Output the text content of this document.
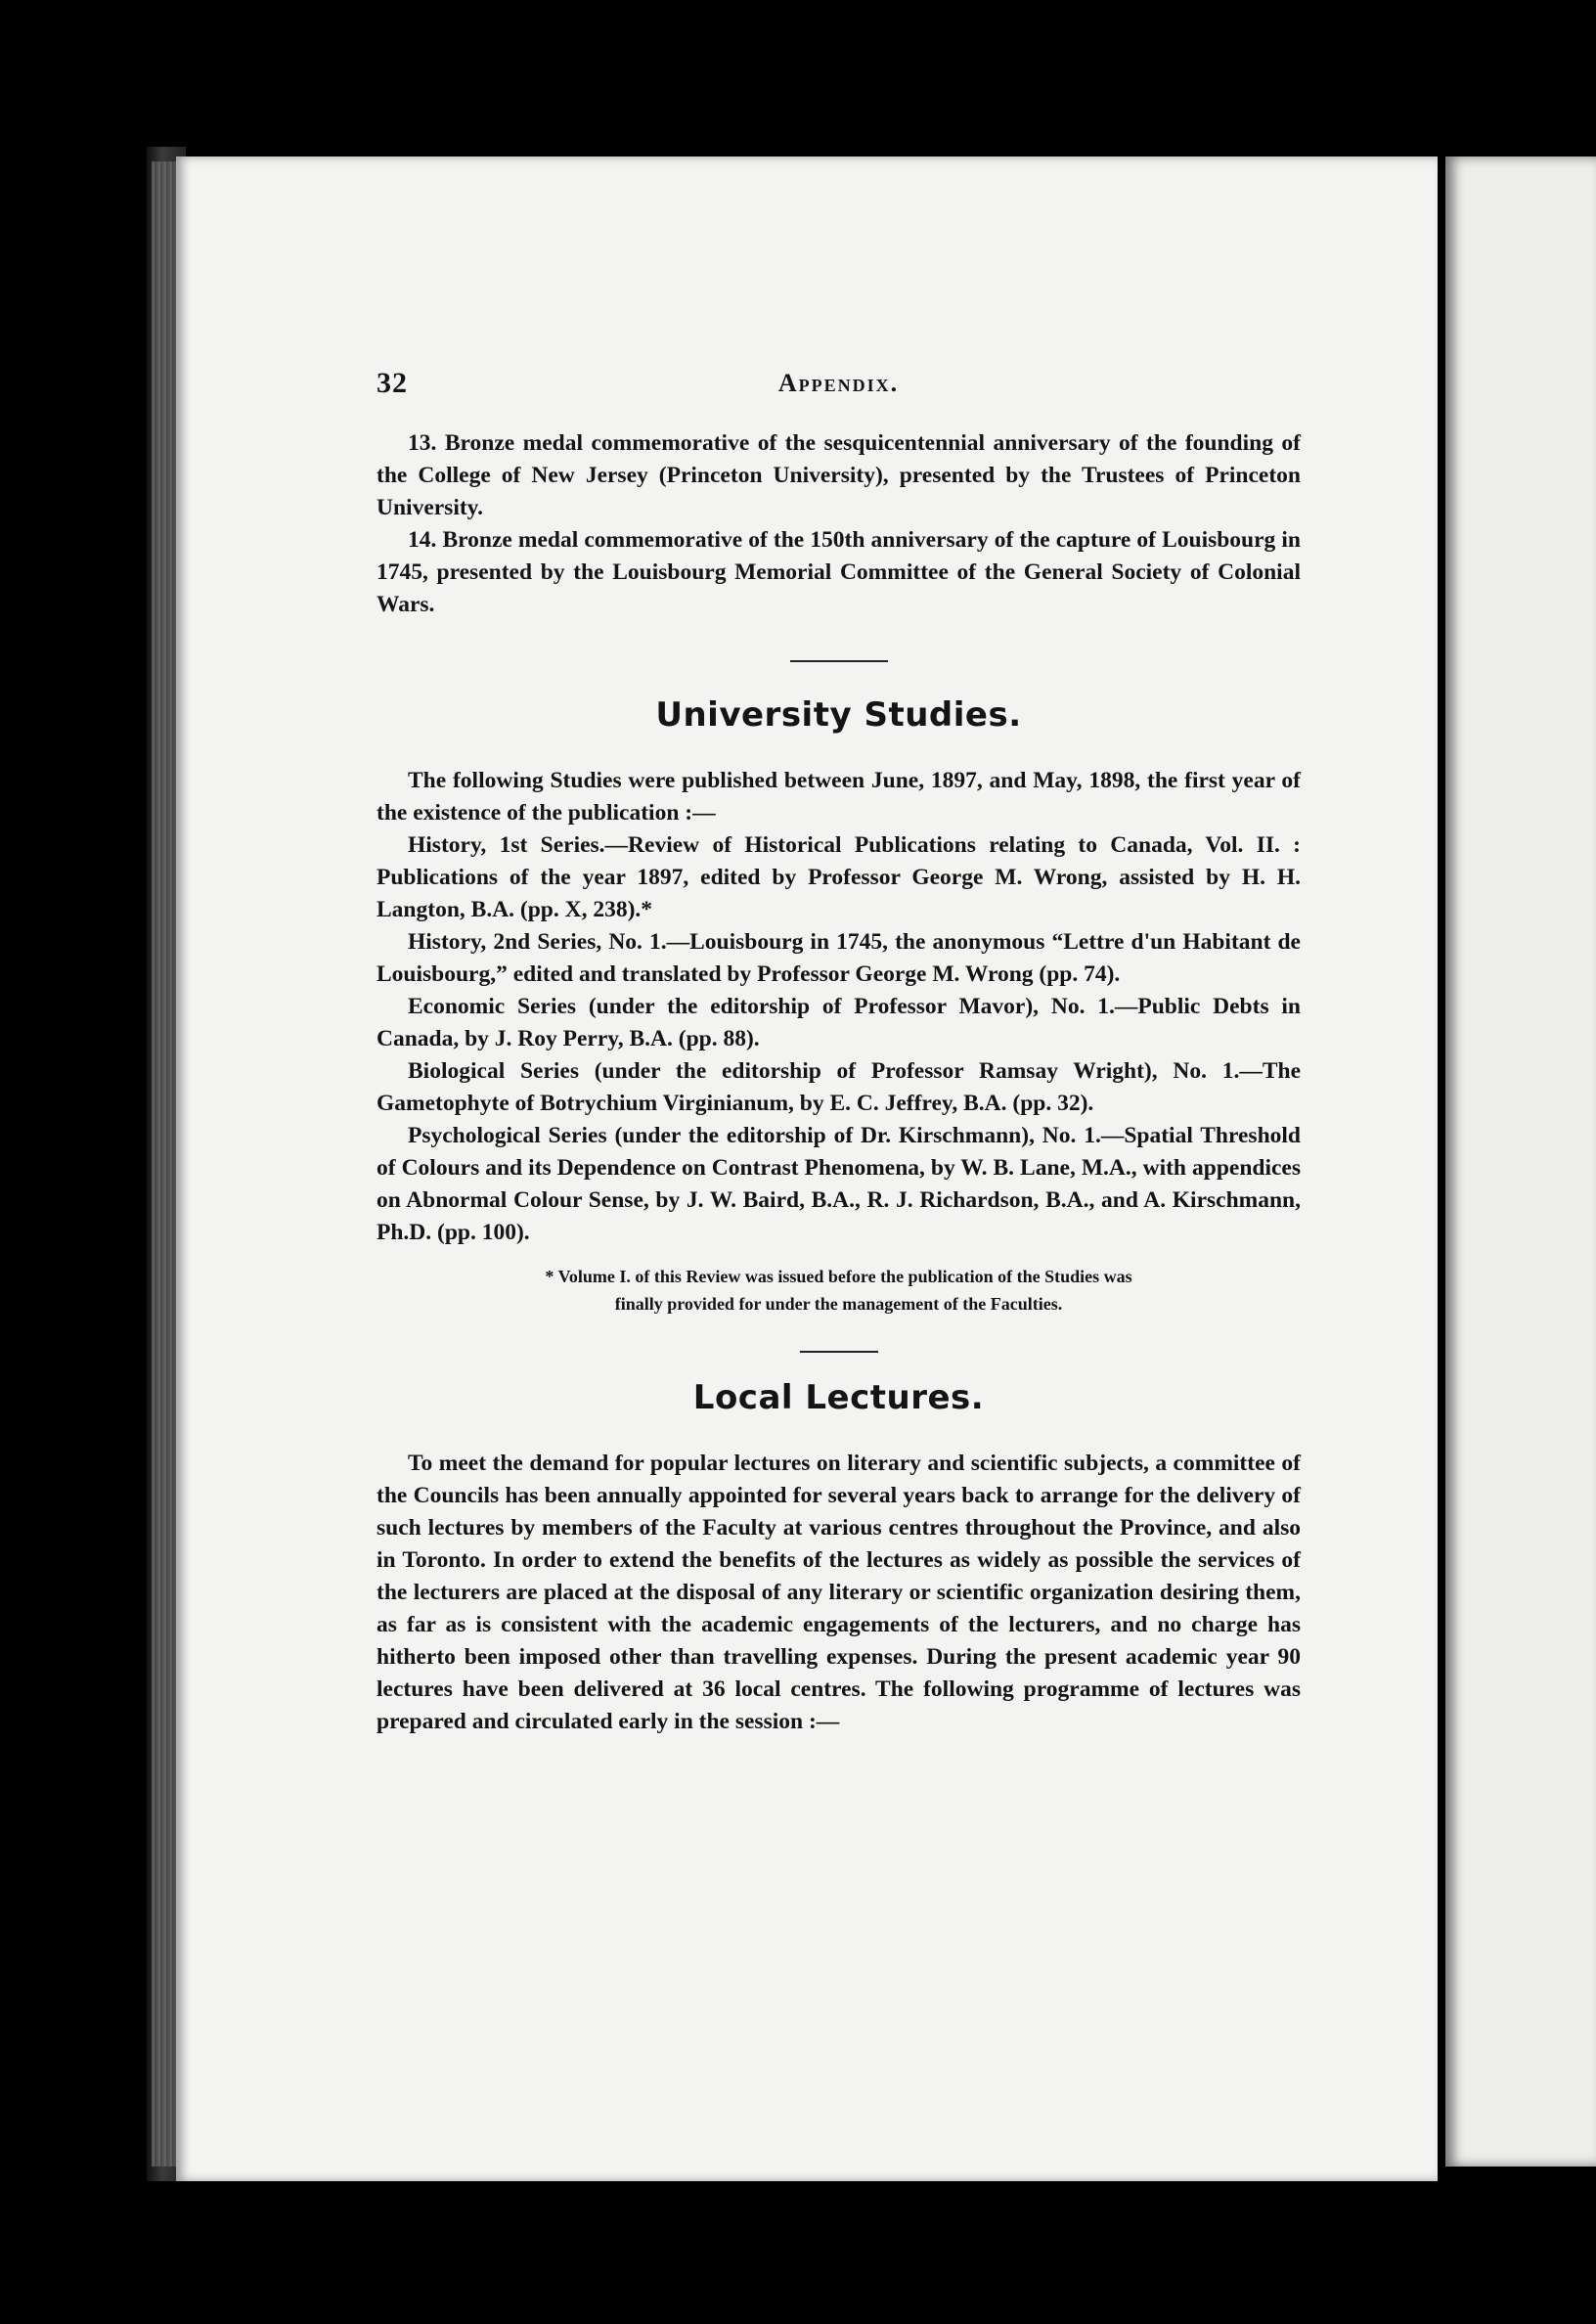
32	Appendix.

13. Bronze medal commemorative of the sesquicentennial anniversary of the founding of the College of New Jersey (Princeton University), presented by the Trustees of Princeton University.

14. Bronze medal commemorative of the 150th anniversary of the capture of Louisbourg in 1745, presented by the Louisbourg Memorial Committee of the General Society of Colonial Wars.

University Studies.

The following Studies were published between June, 1897, and May, 1898, the first year of the existence of the publication :—

History, 1st Series.—Review of Historical Publications relating to Canada, Vol. II. : Publications of the year 1897, edited by Professor George M. Wrong, assisted by H. H. Langton, B.A. (pp. X, 238).*

History, 2nd Series, No. 1.—Louisbourg in 1745, the anonymous “Lettre d'un Habitant de Louisbourg,” edited and translated by Professor George M. Wrong (pp. 74).

Economic Series (under the editorship of Professor Mavor), No. 1.—Public Debts in Canada, by J. Roy Perry, B.A. (pp. 88).

Biological Series (under the editorship of Professor Ramsay Wright), No. 1.—The Gametophyte of Botrychium Virginianum, by E. C. Jeffrey, B.A. (pp. 32).

Psychological Series (under the editorship of Dr. Kirschmann), No. 1.—Spatial Threshold of Colours and its Dependence on Contrast Phenomena, by W. B. Lane, M.A., with appendices on Abnormal Colour Sense, by J. W. Baird, B.A., R. J. Richardson, B.A., and A. Kirschmann, Ph.D. (pp. 100).

* Volume I. of this Review was issued before the publication of the Studies was
finally provided for under the management of the Faculties.
Local Lectures.

To meet the demand for popular lectures on literary and scientific subjects, a committee of the Councils has been annually appointed for several years back to arrange for the delivery of such lectures by members of the Faculty at various centres throughout the Province, and also in Toronto. In order to extend the benefits of the lectures as widely as possible the services of the lecturers are placed at the disposal of any literary or scientific organization desiring them, as far as is consistent with the academic engagements of the lecturers, and no charge has hitherto been imposed other than travelling expenses. During the present academic year 90 lectures have been delivered at 36 local centres. The following programme of lectures was prepared and circulated early in the session :—
